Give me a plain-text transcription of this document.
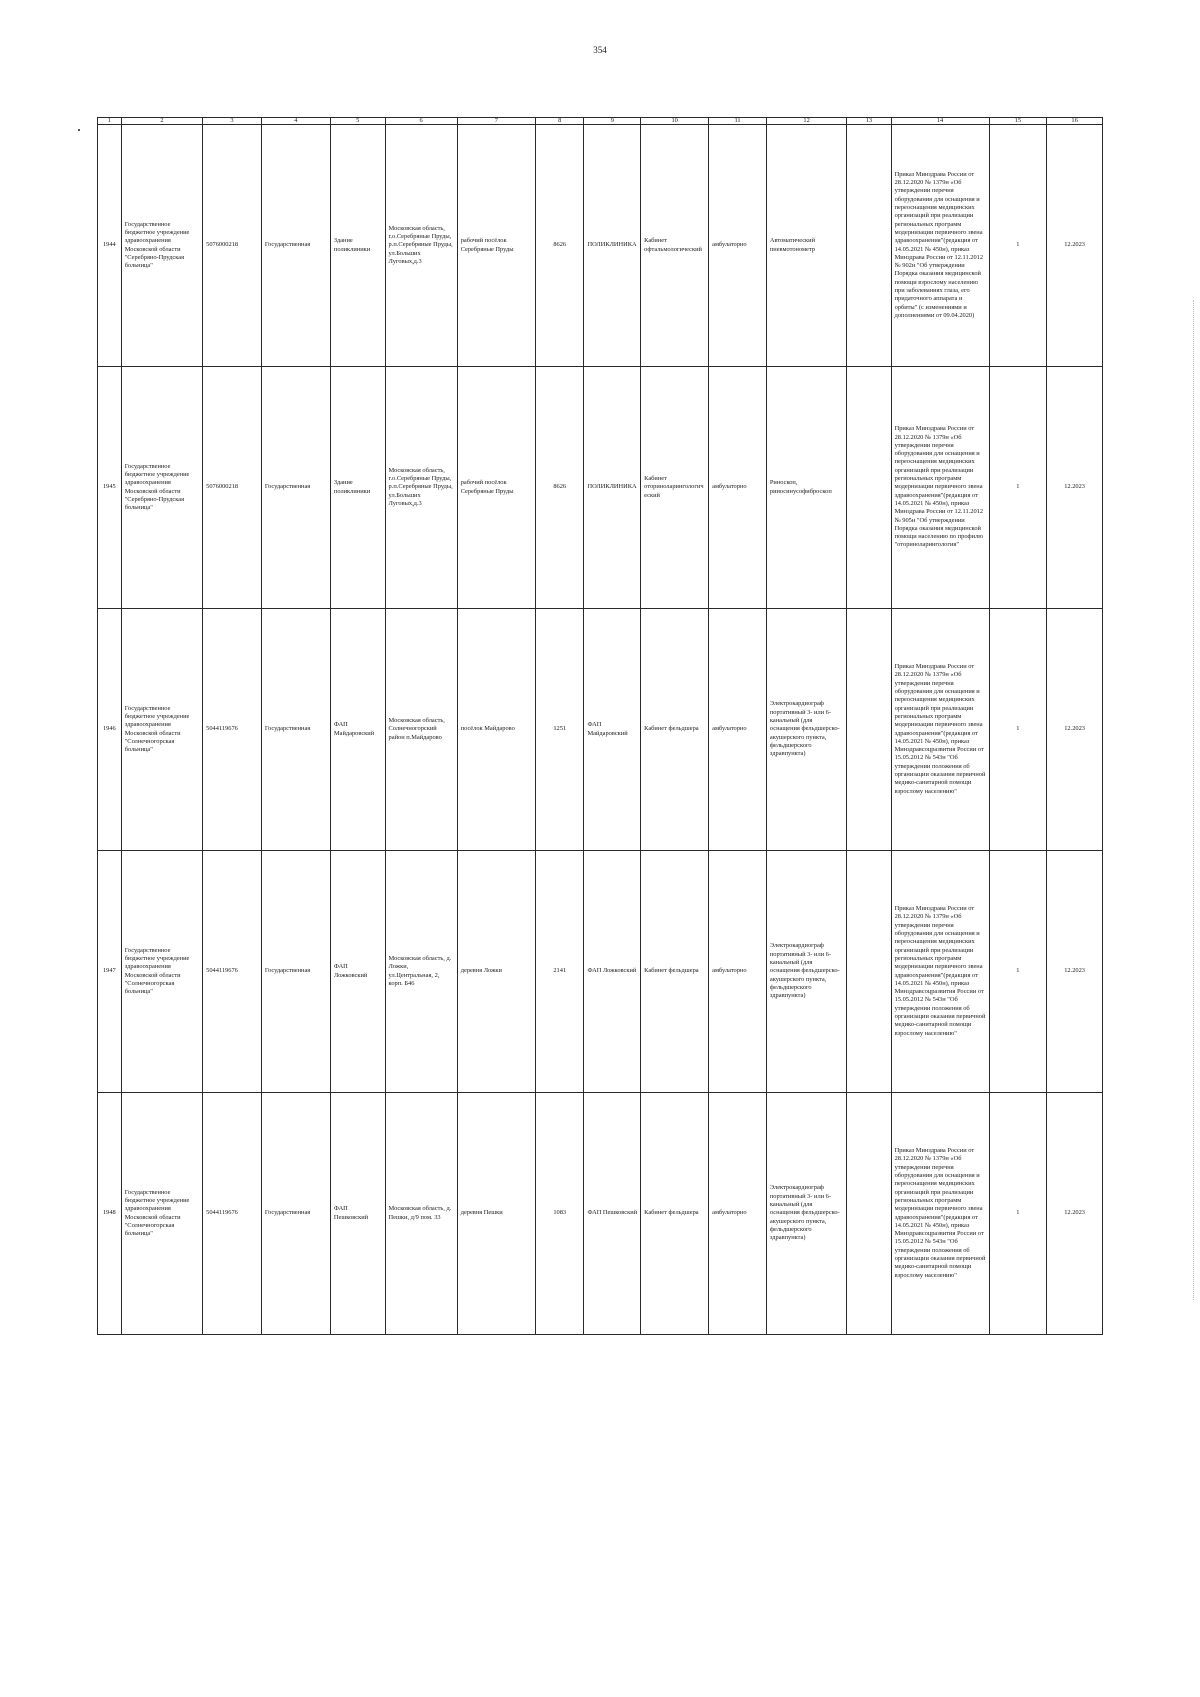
354
1	2	3	4	5	6	7	8	9	10	11	12	13	14	15	16
1944	Государственное бюджетное учреждение здравоохранения Московской области "Серебряно-Прудская больница"	5076000218	Государственная	Здание поликлиники	Московская область, г.о.Серебряные Пруды, р.п.Серебряные Пруды, ул.Больших Луговых,д.3	рабочий посёлок Серебряные Пруды	8626	ПОЛИКЛИНИКА	Кабинет офтальмологический	амбулаторно	Автоматический пневмотонометр		Приказ Минздрава России от 28.12.2020 № 1379н «Об утверждении перечня оборудования для оснащения и переоснащения медицинских организаций при реализации региональных программ модернизации первичного звена здравоохранения"(редакция от 14.05.2021 № 450н), приказ Минздрава России от 12.11.2012 № 902н "Об утверждении Порядка оказания медицинской помощи взрослому населению при заболеваниях глаза, его придаточного аппарата и орбиты" (с изменениями и дополнениями от 09.04.2020)	1	12.2023
1945	Государственное бюджетное учреждение здравоохранения Московской области "Серебряно-Прудская больница"	5076000218	Государственная	Здание поликлиники	Московская область, г.о.Серебряные Пруды, р.п.Серебряные Пруды, ул.Больших Луговых,д.3	рабочий посёлок Серебряные Пруды	8626	ПОЛИКЛИНИКА	Кабинет оториноларингологический	амбулаторно	Риноскоп, риносинусофиброскоп		Приказ Минздрава России от 28.12.2020 № 1379н «Об утверждении перечня оборудования для оснащения и переоснащения медицинских организаций при реализации региональных программ модернизации первичного звена здравоохранения"(редакция от 14.05.2021 № 450н), приказ Минздрава России от 12.11.2012 № 905н "Об утверждении Порядка оказания медицинской помощи населению по профилю "оториноларингология"	1	12.2023
1946	Государственное бюджетное учреждение здравоохранения Московской области "Солнечногорская больница"	5044119676	Государственная	ФАП Майдаровский	Московская область, Солнечногорский район п.Майдарово	посёлок Майдарово	1251	ФАП Майдаровский	Кабинет фельдшера	амбулаторно	Электрокардиограф портативный 3- или 6-канальный (для оснащения фельдшерско-акушерского пункта, фельдшерского здравпункта)		Приказ Минздрава России от 28.12.2020 № 1379н «Об утверждении перечня оборудования для оснащения и переоснащения медицинских организаций при реализации региональных программ модернизации первичного звена здравоохранения"(редакция от 14.05.2021 № 450н), приказ Минздравсоцразвития России от 15.05.2012 № 543н "Об утверждении положения об организации оказания первичной медико-санитарной помощи взрослому населению"	1	12.2023
1947	Государственное бюджетное учреждение здравоохранения Московской области "Солнечногорская больница"	5044119676	Государственная	ФАП Ложковский	Московская область, д. Ложки, ул.Центральная, 2, корп. Б46	деревня Ложки	2141	ФАП Ложковский	Кабинет фельдшера	амбулаторно	Электрокардиограф портативный 3- или 6-канальный (для оснащения фельдшерско-акушерского пункта, фельдшерского здравпункта)		Приказ Минздрава России от 28.12.2020 № 1379н «Об утверждении перечня оборудования для оснащения и переоснащения медицинских организаций при реализации региональных программ модернизации первичного звена здравоохранения"(редакция от 14.05.2021 № 450н), приказ Минздравсоцразвития России от 15.05.2012 № 543н "Об утверждении положения об организации оказания первичной медико-санитарной помощи взрослому населению"	1	12.2023
1948	Государственное бюджетное учреждение здравоохранения Московской области "Солнечногорская больница"	5044119676	Государственная	ФАП Пешковский	Московская область, д. Пешки, д/9 пом. 33	деревня Пешки	1083	ФАП Пешковский	Кабинет фельдшера	амбулаторно	Электрокардиограф портативный 3- или 6-канальный (для оснащения фельдшерско-акушерского пункта, фельдшерского здравпункта)		Приказ Минздрава России от 28.12.2020 № 1379н «Об утверждении перечня оборудования для оснащения и переоснащения медицинских организаций при реализации региональных программ модернизации первичного звена здравоохранения"(редакция от 14.05.2021 № 450н), приказ Минздравсоцразвития России от 15.05.2012 № 543н "Об утверждении положения об организации оказания первичной медико-санитарной помощи взрослому населению"	1	12.2023
